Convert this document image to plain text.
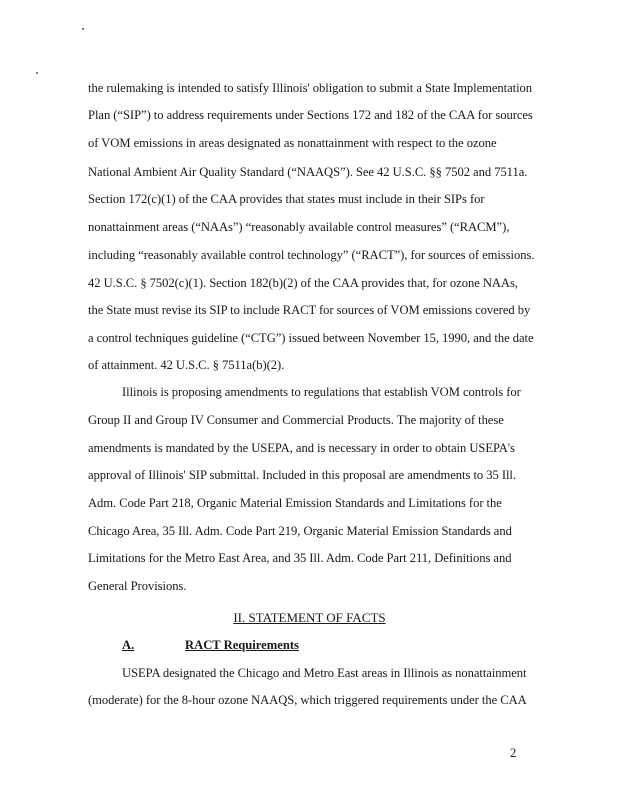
the rulemaking is intended to satisfy Illinois' obligation to submit a State Implementation
Plan (“SIP”) to address requirements under Sections 172 and 182 of the CAA for sources
of VOM emissions in areas designated as nonattainment with respect to the ozone
National Ambient Air Quality Standard (“NAAQS”). See 42 U.S.C. §§ 7502 and 7511a.
Section 172(c)(1) of the CAA provides that states must include in their SIPs for
nonattainment areas (“NAAs”) “reasonably available control measures” (“RACM”),
including “reasonably available control technology” (“RACT”), for sources of emissions.
42 U.S.C. § 7502(c)(1). Section 182(b)(2) of the CAA provides that, for ozone NAAs,
the State must revise its SIP to include RACT for sources of VOM emissions covered by
a control techniques guideline (“CTG”) issued between November 15, 1990, and the date
of attainment. 42 U.S.C. § 7511a(b)(2).
Illinois is proposing amendments to regulations that establish VOM controls for
Group II and Group IV Consumer and Commercial Products. The majority of these
amendments is mandated by the USEPA, and is necessary in order to obtain USEPA's
approval of Illinois' SIP submittal. Included in this proposal are amendments to 35 Ill.
Adm. Code Part 218, Organic Material Emission Standards and Limitations for the
Chicago Area, 35 Ill. Adm. Code Part 219, Organic Material Emission Standards and
Limitations for the Metro East Area, and 35 Ill. Adm. Code Part 211, Definitions and
General Provisions.
II. STATEMENT OF FACTS
A.	RACT Requirements
USEPA designated the Chicago and Metro East areas in Illinois as nonattainment
(moderate) for the 8-hour ozone NAAQS, which triggered requirements under the CAA
2
